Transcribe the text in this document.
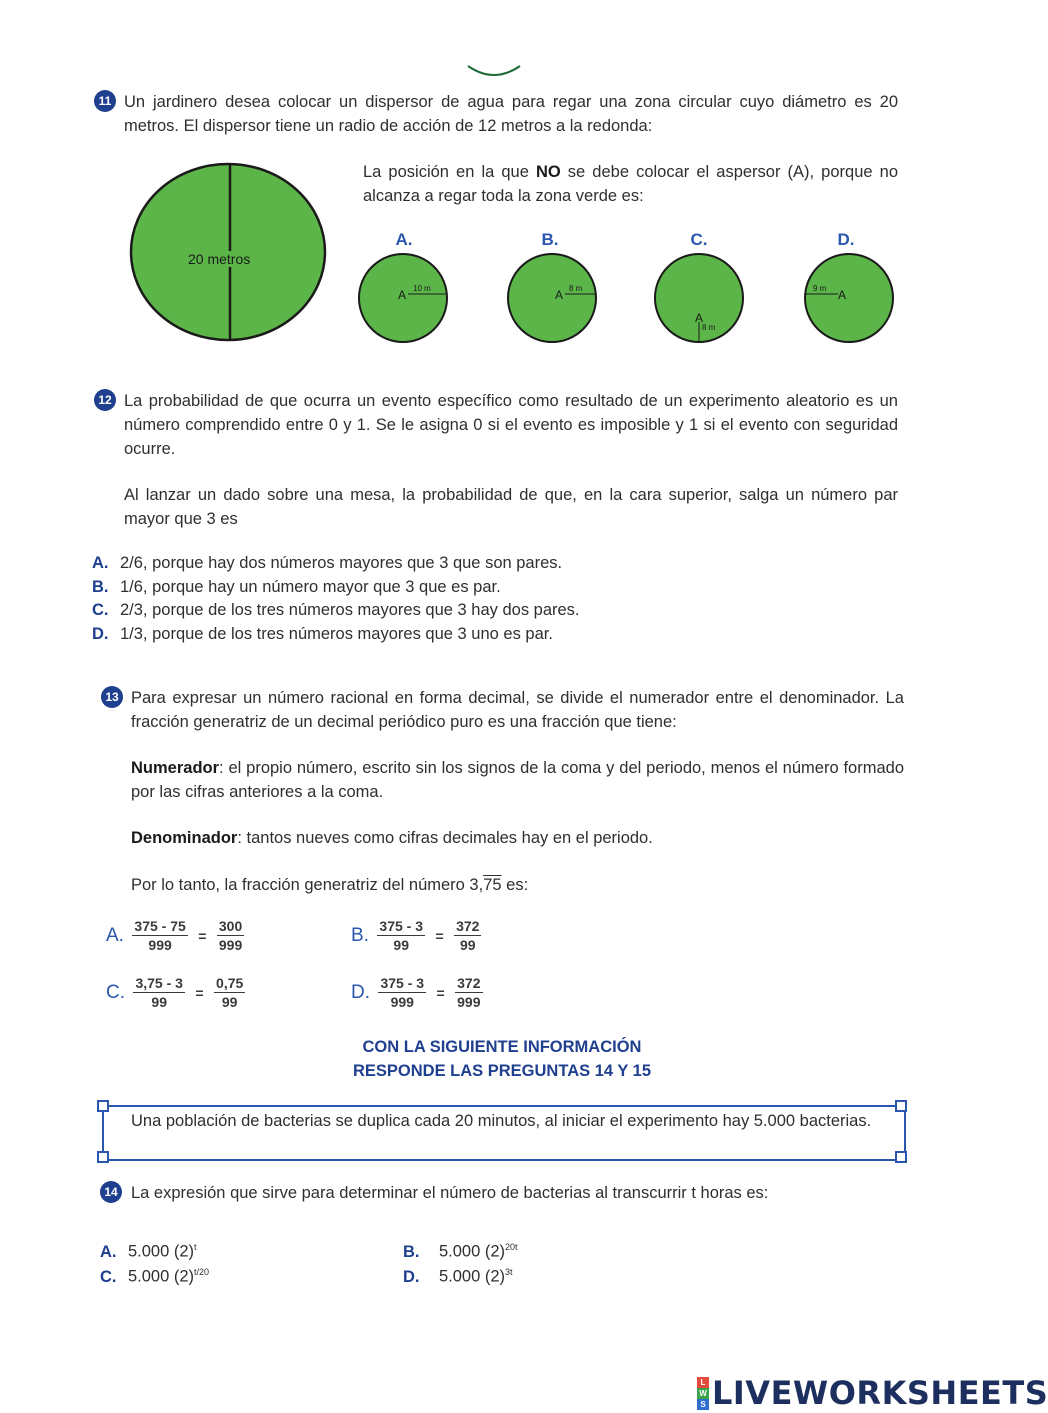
11 Un jardinero desea colocar un dispersor de agua para regar una zona circular cuyo diámetro es 20 metros. El dispersor tiene un radio de acción de 12 metros a la redonda:
20 metros
La posición en la que NO se debe colocar el aspersor (A), porque no alcanza a regar toda la zona verde es:
A.	B.	C.	D.
A 10 m	A 8 m
A
8 m
9 m A
12 La probabilidad de que ocurra un evento específico como resultado de un experimento aleatorio es un número comprendido entre 0 y 1. Se le asigna 0 si el evento es imposible y 1 si el evento con seguridad ocurre.
Al lanzar un dado sobre una mesa, la probabilidad de que, en la cara superior, salga un número par mayor que 3 es
A. 2/6, porque hay dos números mayores que 3 que son pares.
B. 1/6, porque hay un número mayor que 3 que es par.
C. 2/3, porque de los tres números mayores que 3 hay dos pares.
D. 1/3, porque de los tres números mayores que 3 uno es par.
13 Para expresar un número racional en forma decimal, se divide el numerador entre el denominador. La fracción generatriz de un decimal periódico puro es una fracción que tiene:
Numerador: el propio número, escrito sin los signos de la coma y del periodo, menos el número formado por las cifras anteriores a la coma.
Denominador: tantos nueves como cifras decimales hay en el periodo.
Por lo tanto, la fracción generatriz del número 3,75 es:
A. $\frac{375 - 75}{999} = \frac{300}{999}$	B. $\frac{375 - 3}{99} = \frac{372}{99}$
C. $\frac{3,75 - 3}{99} = \frac{0,75}{99}$	D. $\frac{375 - 3}{999} = \frac{372}{999}$
CON LA SIGUIENTE INFORMACIÓN
RESPONDE LAS PREGUNTAS 14 Y 15
Una población de bacterias se duplica cada 20 minutos, al iniciar el experimento hay 5.000 bacterias.
14 La expresión que sirve para determinar el número de bacterias al transcurrir t horas es:
A. 5.000 $(2)^t$	B. 5.000 $(2)^{20t}$
C. 5.000 $(2)^{t/20}$	D. 5.000 $(2)^{3t}$
L
W
S LIVEWORKSHEETS
